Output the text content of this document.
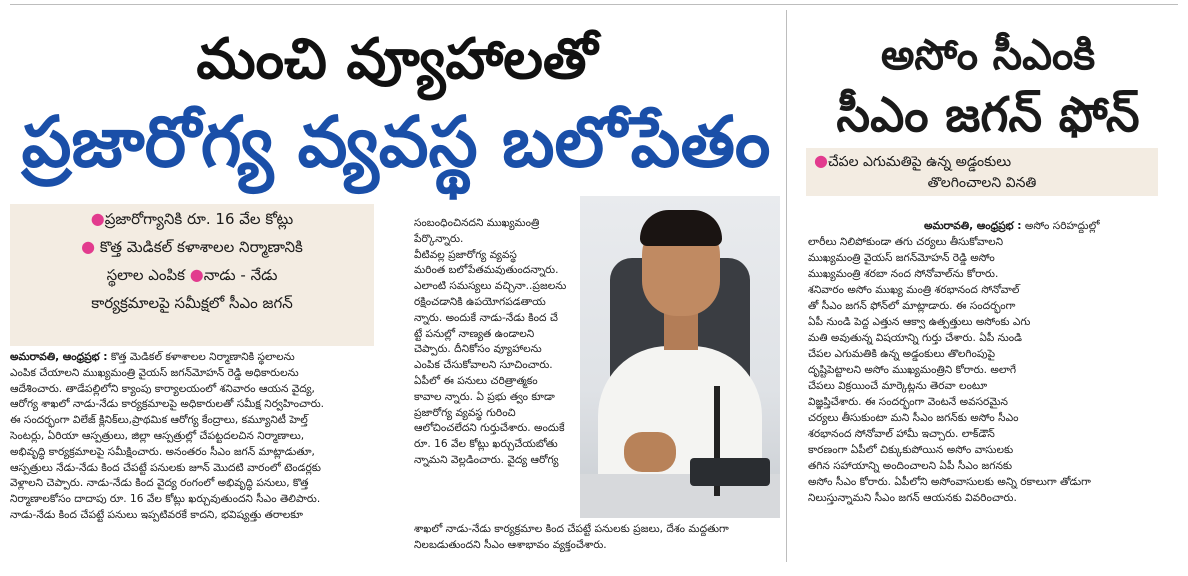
మంచి వ్యూహాలతో
ప్రజారోగ్య వ్యవస్థ బలోపేతం
●ప్రజారోగ్యానికి రూ. 16 వేల కోట్లు
● కొత్త మెడికల్ కళాశాలల నిర్మాణానికి
స్థలాల ఎంపిక ●నాడు - నేడు
కార్యక్రమాలపై సమీక్షలో సీఎం జగన్
అమరావతి, ఆంధ్రప్రభ : కొత్త మెడికల్ కళాశాలల నిర్మాణానికి స్థలాలను
ఎంపిక చేయాలని ముఖ్యమంత్రి వైయస్ జగన్‌మోహన్ రెడ్డి అధికారులను
ఆదేశించారు. తాడేపల్లిలోని క్యాంపు కార్యాలయంలో శనివారం ఆయన వైద్య,
ఆరోగ్య శాఖలో నాడు-నేడు కార్యక్రమాలపై అధికారులతో సమీక్ష నిర్వహించారు.
ఈ సందర్భంగా విలేజ్ క్లినిక్‌లు,ప్రాథమిక ఆరోగ్య కేంద్రాలు, కమ్యూనిటీ హెల్త్
సెంటర్లు, ఏరియా ఆస్పత్రులు, జిల్లా ఆస్పత్రుల్లో చేపట్టదలచిన నిర్మాణాలు,
అభివృద్ధి కార్యక్రమాలపై సమీక్షించారు. అనంతరం సీఎం జగన్ మాట్లాడుతూ,
ఆస్పత్రులు నేడు-నేడు కింద చేపట్టే పనులకు జూన్ మొదటి వారంలో టెండర్లకు
వెళ్లాలని చెప్పారు. నాడు-నేడు కింద వైద్య రంగంలో అభివృద్ధి పనులు, కొత్త
నిర్మాణాలకోసం దాదాపు రూ. 16 వేల కోట్లు ఖర్చువుతుందని సీఎం తెలిపారు.
నాడు-నేడు కింద చేపట్టే పనులు ఇప్పటివరకే కాదని, భవిష్యత్తు తరాలకూ
సంబంధించినదని ముఖ్యమంత్రి
పేర్కొన్నారు.
వీటివల్ల ప్రజారోగ్య వ్యవస్థ
మరింత బలోపేతమవుతుందన్నారు.
ఎలాంటి సమస్యలు వచ్చినా..ప్రజలను
రక్షించడానికి ఉపయోగపడతాయ
న్నారు. అందుకే నాడు-నేడు కింద చే
ట్టే పనుల్లో నాణ్యత ఉండాలని
చెప్పారు. దీనికోసం వ్యూహాలను
ఎంపిక చేసుకోవాలని సూచించారు.
ఏపీలో ఈ పనులు చరిత్రాత్మకం
కావాల న్నారు. ఏ ప్రభు త్వం కూడా
ప్రజారోగ్య వ్యవస్థ గురించి
ఆలోచించలేదని గుర్తుచేశారు. అందుకే
రూ. 16 వేల కోట్లు ఖర్చుచేయబోతు
న్నామని వెల్లడించారు. వైద్య ఆరోగ్య
శాఖలో నాడు-నేడు కార్యక్రమాల కింద చేపట్టే పనులకు ప్రజలు, దేశం మద్దతుగా
నిలబడుతుందని సీఎం ఆశాభావం వ్యక్తంచేశారు.
అసోం సీఎంకి
సీఎం జగన్ ఫోన్
●చేపల ఎగుమతిపై ఉన్న అడ్డంకులు
తొలగించాలని వినతి
అమరావతి, ఆంధ్రప్రభ : అసోం సరిహద్దుల్లో
లారీలు నిలిపోకుండా తగు చర్యలు తీసుకోవాలని
ముఖ్యమంత్రి వైయస్ జగన్‌మోహన్ రెడ్డి అసోం
ముఖ్యమంత్రి శరబా నంద సోనోవాల్‌ను కోరారు.
శనివారం అసోం ముఖ్య మంత్రి శరభానంద సోనోవాల్
తో సీఎం జగన్ ఫోన్‌లో మాట్లాడారు. ఈ సందర్భంగా
ఏపీ నుండి పెద్ద ఎత్తున ఆక్వా ఉత్పత్తులు అసోంకు ఎగు
మతి అవుతున్న విషయాన్ని గుర్తు చేశారు. ఏపీ నుండి
చేపల ఎగుమతికి ఉన్న అడ్డంకులు తొలగింపుపై
దృష్టిపెట్టాలని అసోం ముఖ్యమంత్రిని కోరారు. అలాగే
చేపలు విక్రయించే మార్కెట్లను తెరవా లంటూ
విజ్ఞప్తిచేశారు. ఈ సందర్భంగా వెంటనే అవసరమైన
చర్యలు తీసుకుంటా మని సీఎం జగన్‌కు అసోం సీఎం
శరభానంద సోనోవాల్ హామీ ఇచ్చారు. లాక్‌డౌన్
కారణంగా ఏపీలో చిక్కుకుపోయిన అసోం వాసులకు
తగిన సహాయాన్ని అందించాలని ఏపీ సీఎం జగనకు
అసోం సీఎం కోరారు. ఏపీలోని అసోంవాసులకు అన్ని రకాలుగా తోడుగా
నిలుస్తున్నామని సీఎం జగన్ ఆయనకు వివరించారు.
